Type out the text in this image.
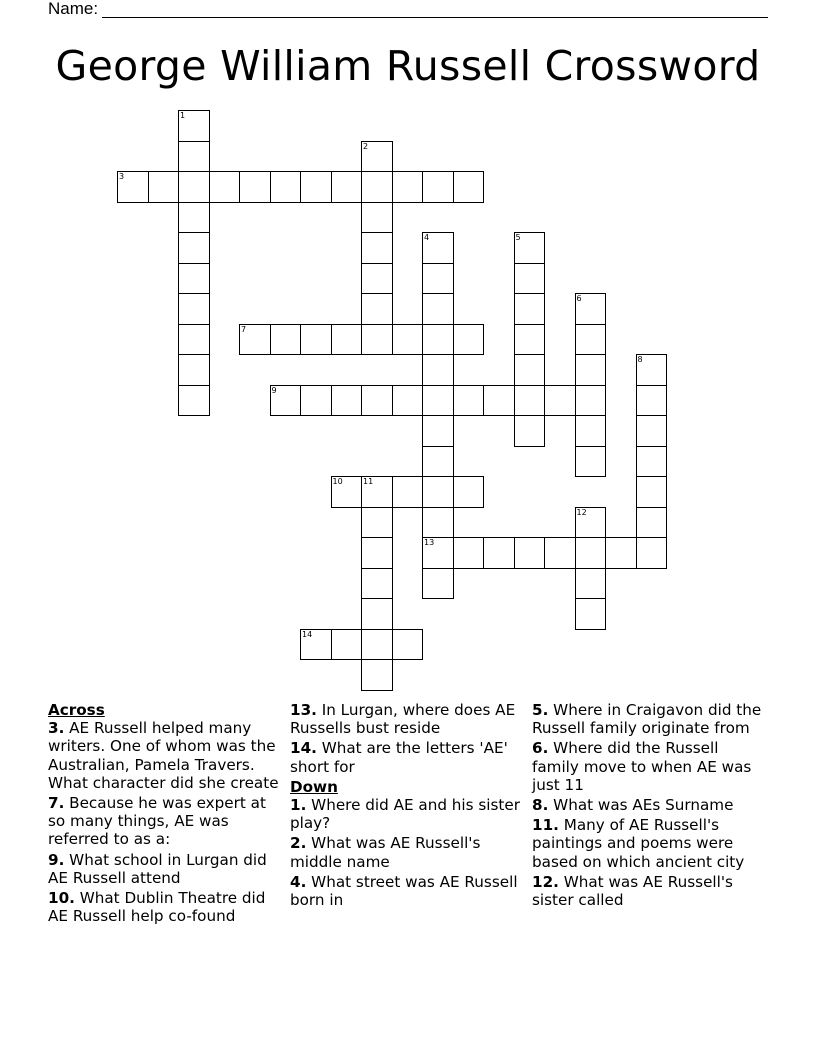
Name:
George William Russell Crossword
1
2
3
4
13
5
6
7
8
9
10	11
12
14
Across
3. AE Russell helped many writers. One of whom was the Australian, Pamela Travers. What character did she create
7. Because he was expert at so many things, AE was referred to as a:
9. What school in Lurgan did AE Russell attend
10. What Dublin Theatre did AE Russell help co-found
13. In Lurgan, where does AE Russells bust reside
14. What are the letters 'AE' short for
Down
1. Where did AE and his sister play?
2. What was AE Russell's middle name
4. What street was AE Russell born in
5. Where in Craigavon did the Russell family originate from
6. Where did the Russell family move to when AE was just 11
8. What was AEs Surname
11. Many of AE Russell's paintings and poems were based on which ancient city
12. What was AE Russell's sister called
